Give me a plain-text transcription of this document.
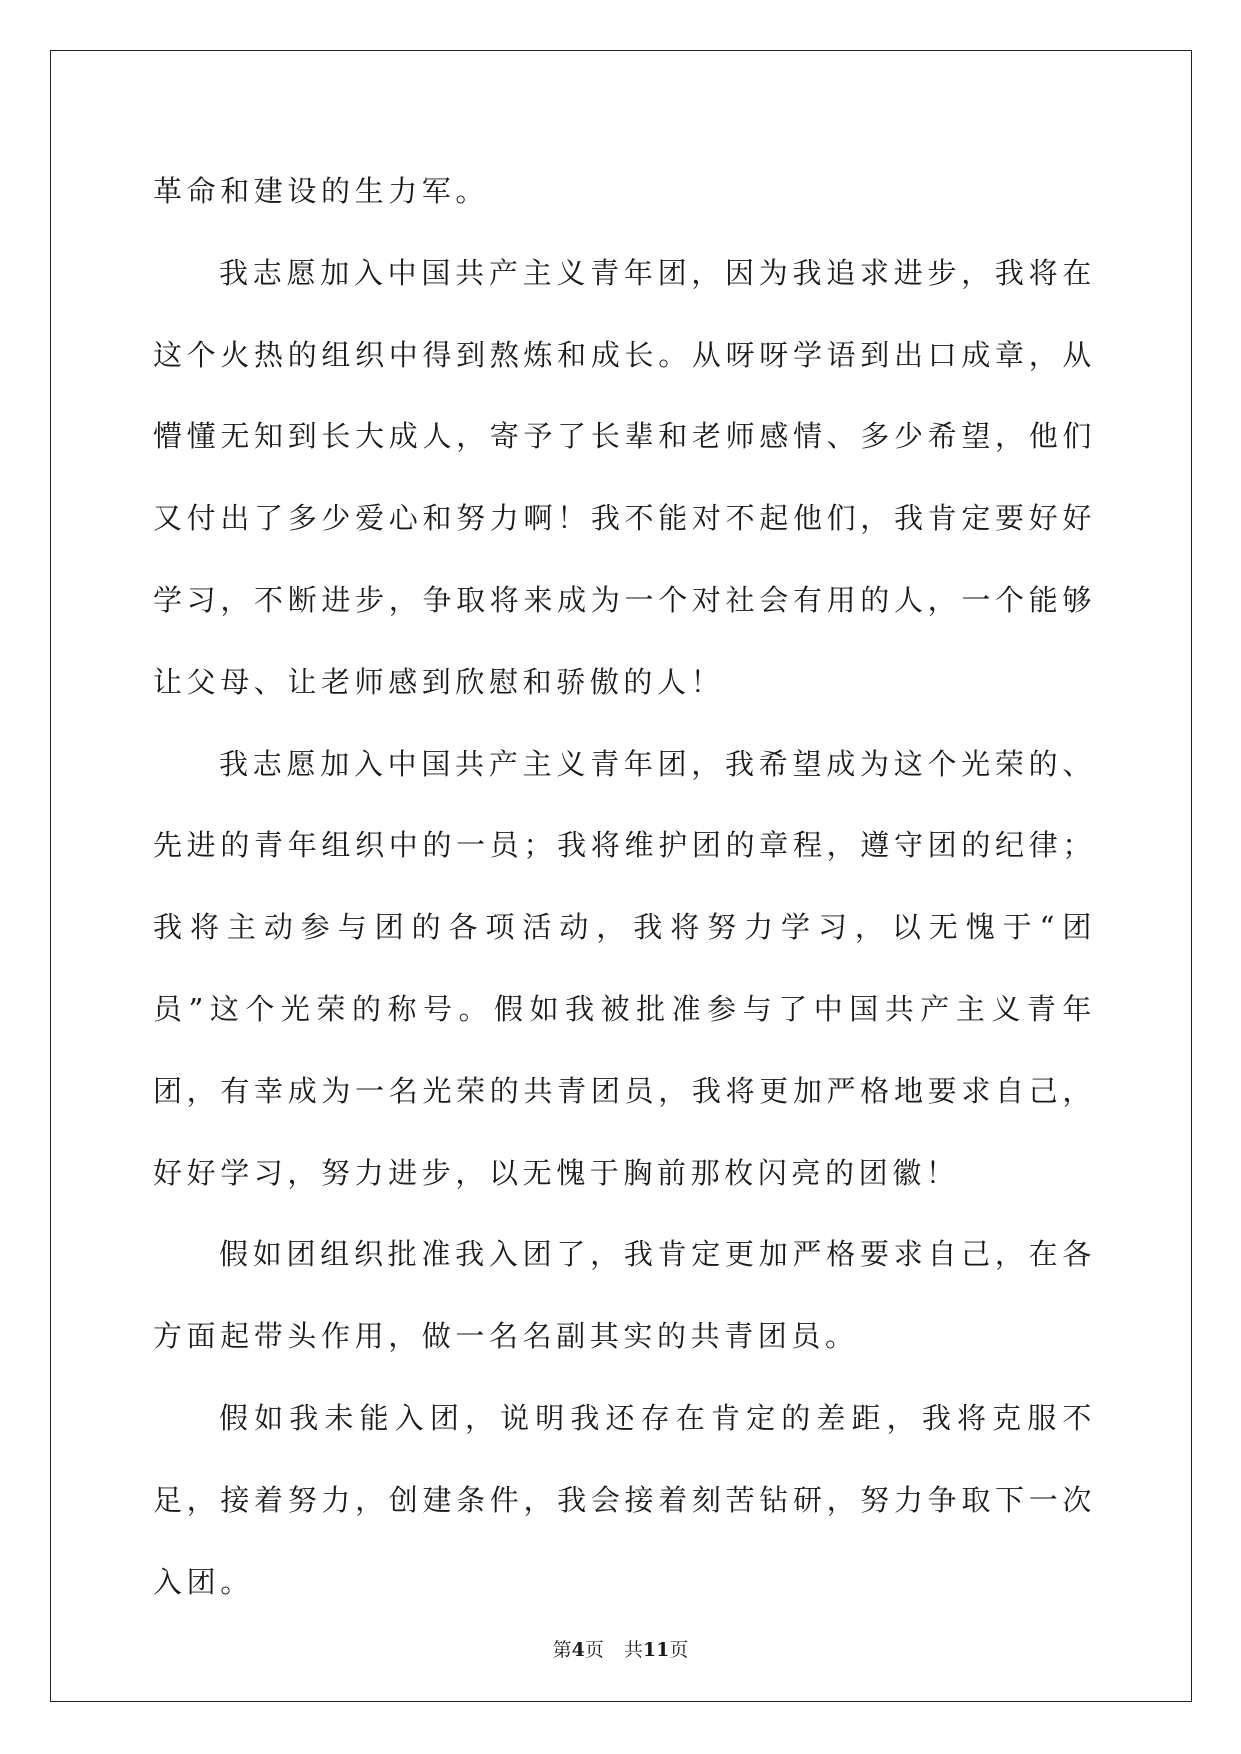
革命和建设的生力军。

我志愿加入中国共产主义青年团，因为我追求进步，我将在这个火热的组织中得到熬炼和成长。从呀呀学语到出口成章，从懵懂无知到长大成人，寄予了长辈和老师感情、多少希望，他们又付出了多少爱心和努力啊！我不能对不起他们，我肯定要好好学习，不断进步，争取将来成为一个对社会有用的人，一个能够让父母、让老师感到欣慰和骄傲的人！

我志愿加入中国共产主义青年团，我希望成为这个光荣的、先进的青年组织中的一员；我将维护团的章程，遵守团的纪律；我将主动参与团的各项活动，我将努力学习，以无愧于“团员”这个光荣的称号。假如我被批准参与了中国共产主义青年团，有幸成为一名光荣的共青团员，我将更加严格地要求自己，好好学习，努力进步，以无愧于胸前那枚闪亮的团徽！

假如团组织批准我入团了，我肯定更加严格要求自己，在各方面起带头作用，做一名名副其实的共青团员。

假如我未能入团，说明我还存在肯定的差距，我将克服不足，接着努力，创建条件，我会接着刻苦钻研，努力争取下一次入团。

第4页 共11页
